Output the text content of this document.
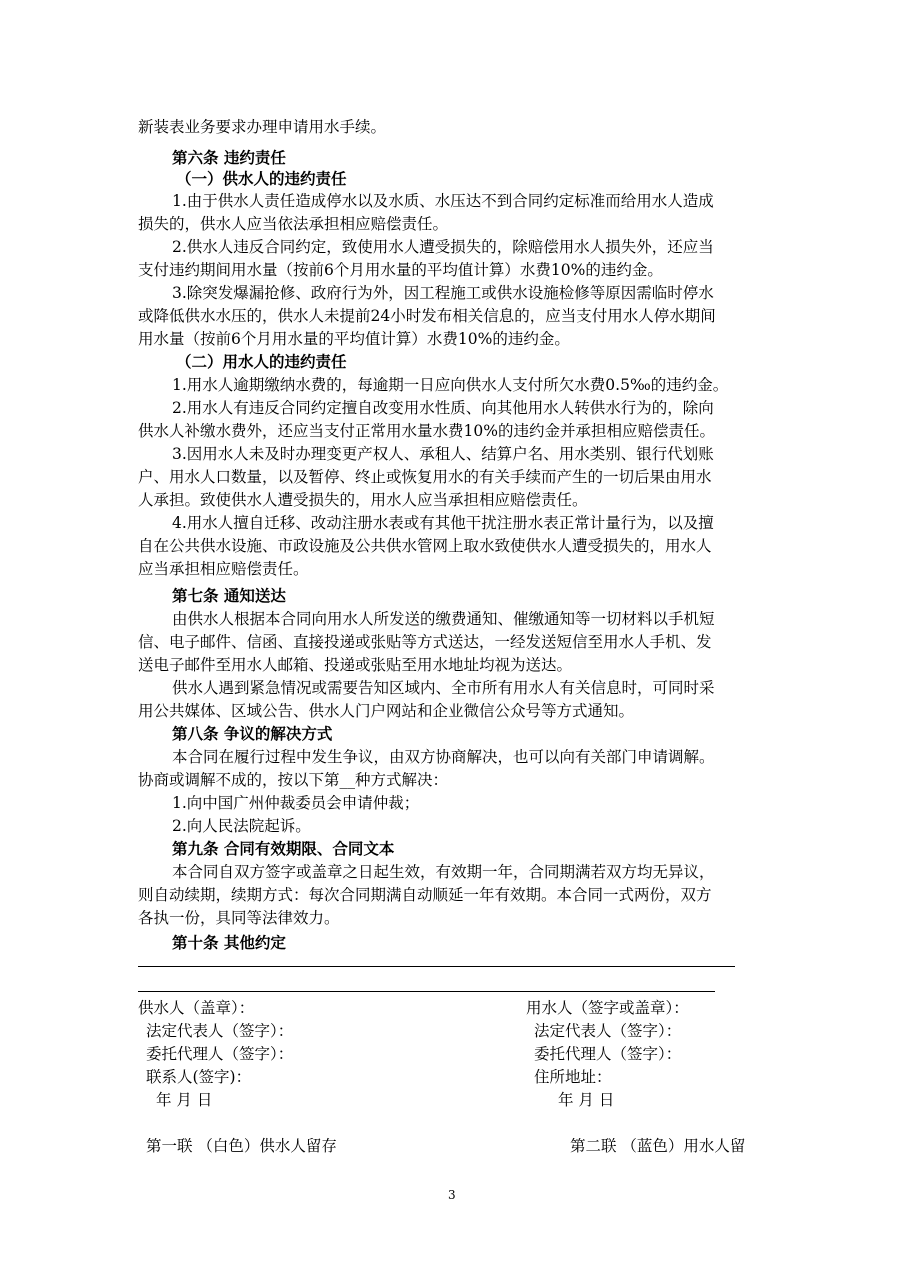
新装表业务要求办理申请用水手续。
第六条 违约责任
（一）供水人的违约责任
1.由于供水人责任造成停水以及水质、水压达不到合同约定标准而给用水人造成
损失的，供水人应当依法承担相应赔偿责任。
2.供水人违反合同约定，致使用水人遭受损失的，除赔偿用水人损失外，还应当
支付违约期间用水量（按前6个月用水量的平均值计算）水费10%的违约金。
3.除突发爆漏抢修、政府行为外，因工程施工或供水设施检修等原因需临时停水
或降低供水水压的，供水人未提前24小时发布相关信息的，应当支付用水人停水期间
用水量（按前6个月用水量的平均值计算）水费10%的违约金。
（二）用水人的违约责任
1.用水人逾期缴纳水费的，每逾期一日应向供水人支付所欠水费0.5‰的违约金。
2.用水人有违反合同约定擅自改变用水性质、向其他用水人转供水行为的，除向
供水人补缴水费外，还应当支付正常用水量水费10%的违约金并承担相应赔偿责任。
3.因用水人未及时办理变更产权人、承租人、结算户名、用水类别、银行代划账
户、用水人口数量，以及暂停、终止或恢复用水的有关手续而产生的一切后果由用水
人承担。致使供水人遭受损失的，用水人应当承担相应赔偿责任。
4.用水人擅自迁移、改动注册水表或有其他干扰注册水表正常计量行为，以及擅
自在公共供水设施、市政设施及公共供水管网上取水致使供水人遭受损失的，用水人
应当承担相应赔偿责任。
第七条 通知送达
由供水人根据本合同向用水人所发送的缴费通知、催缴通知等一切材料以手机短
信、电子邮件、信函、直接投递或张贴等方式送达，一经发送短信至用水人手机、发
送电子邮件至用水人邮箱、投递或张贴至用水地址均视为送达。
供水人遇到紧急情况或需要告知区域内、全市所有用水人有关信息时，可同时采
用公共媒体、区域公告、供水人门户网站和企业微信公众号等方式通知。
第八条 争议的解决方式
本合同在履行过程中发生争议，由双方协商解决，也可以向有关部门申请调解。
协商或调解不成的，按以下第__种方式解决：
1.向中国广州仲裁委员会申请仲裁；
2.向人民法院起诉。
第九条 合同有效期限、合同文本
本合同自双方签字或盖章之日起生效，有效期一年，合同期满若双方均无异议，
则自动续期，续期方式：每次合同期满自动顺延一年有效期。本合同一式两份，双方
各执一份，具同等法律效力。
第十条 其他约定
供水人（盖章）：
法定代表人（签字）：
委托代理人（签字）：
联系人(签字)：
年 月 日
用水人（签字或盖章）：
法定代表人（签字）：
委托代理人（签字）：
住所地址：
年 月 日
第一联 （白色）供水人留存	第二联 （蓝色）用水人留
3
